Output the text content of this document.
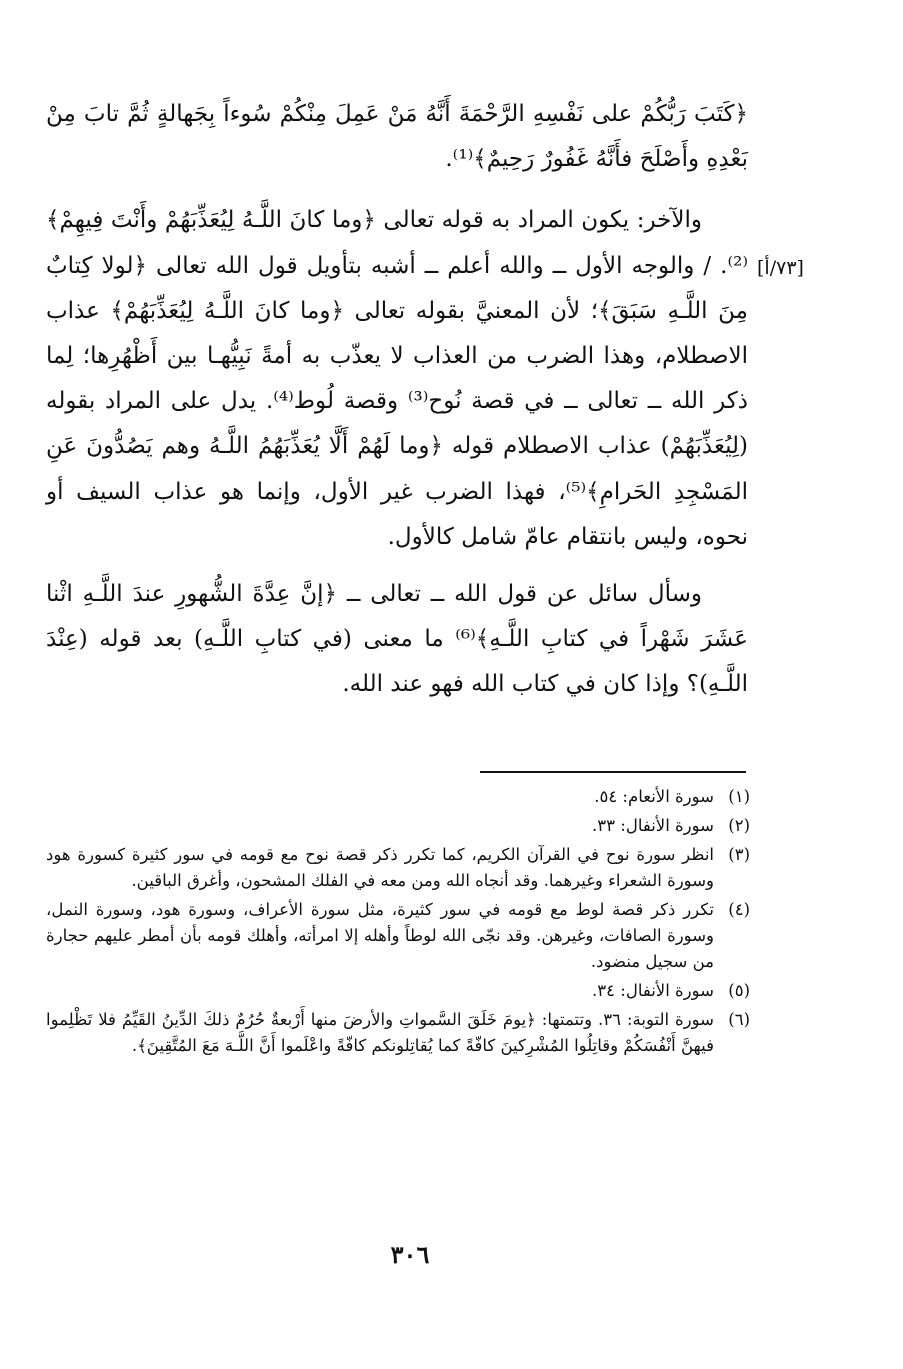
﴿كَتَبَ رَبُّكُمْ على نَفْسِهِ الرَّحْمَةَ أَنَّهُ مَنْ عَمِلَ مِنْكُمْ سُوءاً بِجَهالةٍ ثُمَّ تابَ مِنْ بَعْدِهِ وأَصْلَحَ فأَنَّهُ غَفُورٌ رَحِيمٌ﴾⁽¹⁾.

والآخر: يكون المراد به قوله تعالى ﴿وما كانَ اللَّـهُ لِيُعَذِّبَهُمْ وأَنْتَ فِيهِمْ﴾⁽²⁾. / والوجه الأول ــ والله أعلم ــ أشبه بتأويل قول الله تعالى ﴿لولا كِتابٌ مِنَ اللَّـهِ سَبَقَ﴾؛ لأن المعنيَّ بقوله تعالى ﴿وما كانَ اللَّـهُ لِيُعَذِّبَهُمْ﴾ عذاب الاصطلام، وهذا الضرب من العذاب لا يعذّب به أمةً نَبِيُّهـا بين أَظْهُرِها؛ لِما ذكر الله ــ تعالى ــ في قصة نُوح⁽³⁾ وقصة لُوط⁽⁴⁾. يدل على المراد بقوله (لِيُعَذِّبَهُمْ) عذاب الاصطلام قوله ﴿وما لَهُمْ أَلَّا يُعَذِّبَهُمُ اللَّـهُ وهم يَصُدُّونَ عَنِ المَسْجِدِ الحَرامِ﴾⁽⁵⁾، فهذا الضرب غير الأول، وإنما هو عذاب السيف أو نحوه، وليس بانتقام عامّ شامل كالأول.

وسأل سائل عن قول الله ــ تعالى ــ ﴿إنَّ عِدَّةَ الشُّهورِ عندَ اللَّـهِ اثْنا عَشَرَ شَهْراً في كتابِ اللَّـهِ﴾⁽⁶⁾ ما معنى (في كتابِ اللَّـهِ) بعد قوله (عِنْدَ اللَّـهِ)؟ وإذا كان في كتاب الله فهو عند الله.

[٧٣/أ]
(١)
سورة الأنعام: ٥٤.
(٢)
سورة الأنفال: ٣٣.
(٣)
انظر سورة نوح في القرآن الكريم، كما تكرر ذكر قصة نوح مع قومه في سور كثيرة كسورة هود وسورة الشعراء وغيرهما. وقد أنجاه الله ومن معه في الفلك المشحون، وأغرق الباقين.
(٤)
تكرر ذكر قصة لوط مع قومه في سور كثيرة، مثل سورة الأعراف، وسورة هود، وسورة النمل، وسورة الصافات، وغيرهن. وقد نجّى الله لوطاً وأهله إلا امرأته، وأهلك قومه بأن أمطر عليهم حجارة من سجيل منضود.
(٥)
سورة الأنفال: ٣٤.
(٦)
سورة التوبة: ٣٦. وتتمتها: ﴿يومَ خَلَقَ السَّمواتِ والأرضَ منها أَرْبعةٌ حُرُمٌ ذلكَ الدِّينُ القَيِّمُ فلا تَظْلِموا فيهنَّ أَنْفُسَكُمْ وقاتِلُوا المُشْرِكينَ كافّةً كما يُقاتِلونكم كافّةً واعْلَموا أَنَّ اللَّـهَ مَعَ المُتَّقِينَ﴾.
٣٠٦
